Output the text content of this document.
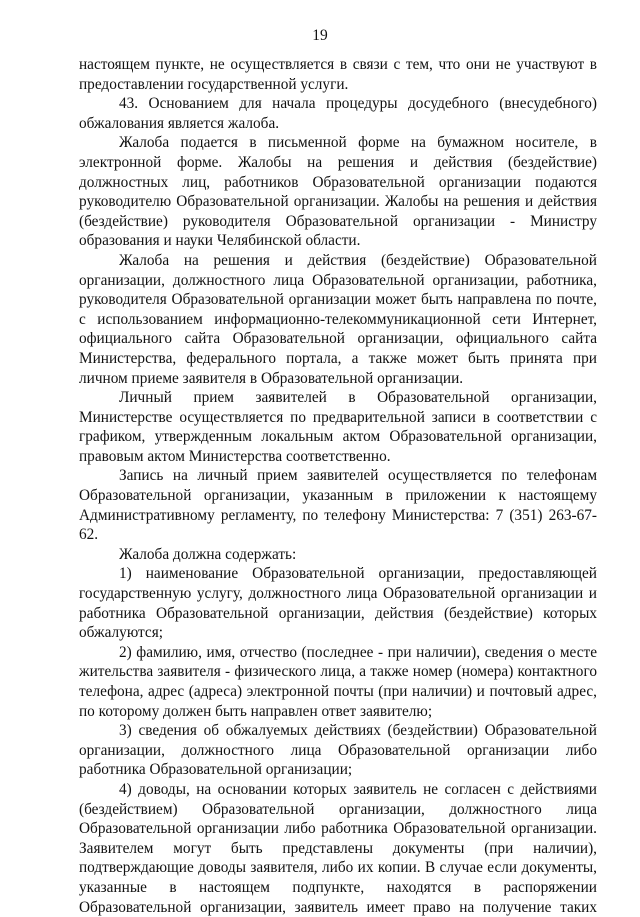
19

настоящем пункте, не осуществляется в связи с тем, что они не участвуют в предоставлении государственной услуги.

43. Основанием для начала процедуры досудебного (внесудебного) обжалования является жалоба.

Жалоба подается в письменной форме на бумажном носителе, в электронной форме. Жалобы на решения и действия (бездействие) должностных лиц, работников Образовательной организации подаются руководителю Образовательной организации. Жалобы на решения и действия (бездействие) руководителя Образовательной организации - Министру образования и науки Челябинской области.

Жалоба на решения и действия (бездействие) Образовательной организации, должностного лица Образовательной организации, работника, руководителя Образовательной организации может быть направлена по почте, с использованием информационно-телекоммуникационной сети Интернет, официального сайта Образовательной организации, официального сайта Министерства, федерального портала, а также может быть принята при личном приеме заявителя в Образовательной организации.

Личный прием заявителей в Образовательной организации, Министерстве осуществляется по предварительной записи в соответствии с графиком, утвержденным локальным актом Образовательной организации, правовым актом Министерства соответственно.

Запись на личный прием заявителей осуществляется по телефонам Образовательной организации, указанным в приложении к настоящему Административному регламенту, по телефону Министерства: 7 (351) 263-67-62.

Жалоба должна содержать:

1) наименование Образовательной организации, предоставляющей государственную услугу, должностного лица Образовательной организации и работника Образовательной организации, действия (бездействие) которых обжалуются;

2) фамилию, имя, отчество (последнее - при наличии), сведения о месте жительства заявителя - физического лица, а также номер (номера) контактного телефона, адрес (адреса) электронной почты (при наличии) и почтовый адрес, по которому должен быть направлен ответ заявителю;

3) сведения об обжалуемых действиях (бездействии) Образовательной организации, должностного лица Образовательной организации либо работника Образовательной организации;

4) доводы, на основании которых заявитель не согласен с действиями (бездействием) Образовательной организации, должностного лица Образовательной организации либо работника Образовательной организации. Заявителем могут быть представлены документы (при наличии), подтверждающие доводы заявителя, либо их копии. В случае если документы, указанные в настоящем подпункте, находятся в распоряжении Образовательной организации, заявитель имеет право на получение таких
